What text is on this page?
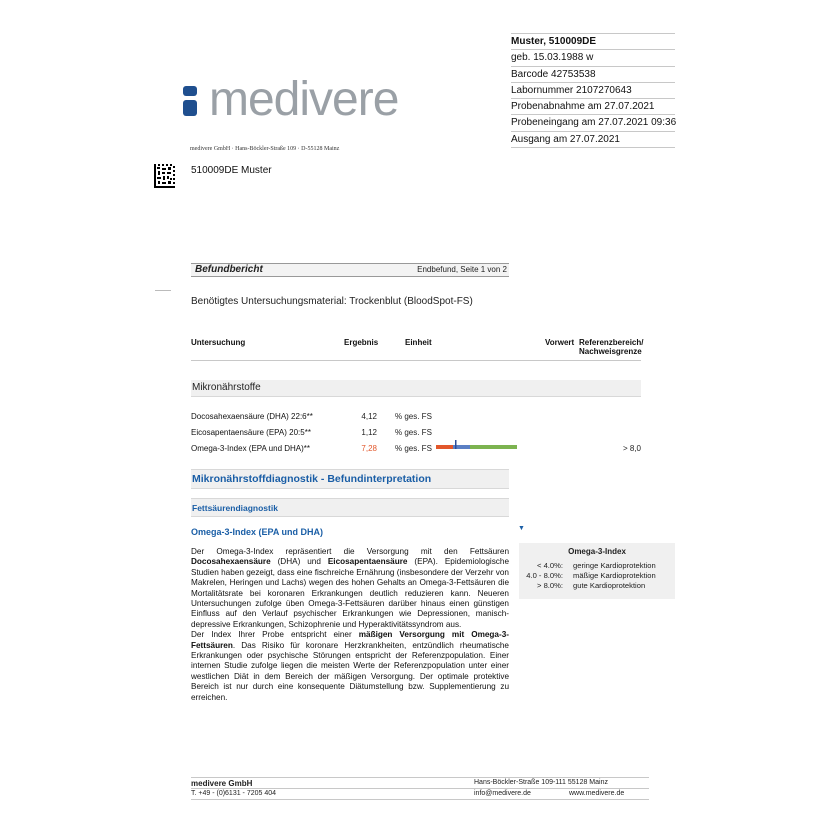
Muster, 510009DE
geb. 15.03.1988 w
Barcode 42753538
Labornummer 2107270643
Probenabnahme am 27.07.2021
Probeneingang am 27.07.2021 09:36
Ausgang am 27.07.2021
medivere
medivere GmbH · Hans-Böckler-Straße 109 · D-55128 Mainz
510009DE Muster
Befundbericht	Endbefund, Seite 1 von 2
Benötigtes Untersuchungsmaterial: Trockenblut (BloodSpot-FS)
Untersuchung	Ergebnis	Einheit	Vorwert Referenzbereich/
Nachweisgrenze
Mikronährstoffe
Docosahexaensäure (DHA) 22:6**	4,12 % ges. FS
Eicosapentaensäure (EPA) 20:5**	1,12 % ges. FS
Omega-3-Index (EPA und DHA)**	7,28 % ges. FS	> 8,0
Mikronährstoffdiagnostik - Befundinterpretation
Fettsäurendiagnostik
Omega-3-Index (EPA und DHA)	▼

Der Omega-3-Index repräsentiert die Versorgung mit den Fettsäuren Docosahexaensäure (DHA) und Eicosapentaensäure (EPA). Epidemiologische Studien haben gezeigt, dass eine fischreiche Ernährung (insbesondere der Verzehr von Makrelen, Heringen und Lachs) wegen des hohen Gehalts an Omega-3-Fettsäuren die Mortalitätsrate bei koronaren Erkrankungen deutlich reduzieren kann. Neueren Untersuchungen zufolge üben Omega-3-Fettsäuren darüber hinaus einen günstigen Einfluss auf den Verlauf psychischer Erkrankungen wie Depressionen, manisch-depressive Erkrankungen, Schizophrenie und Hyperaktivitätssyndrom aus.

Der Index Ihrer Probe entspricht einer mäßigen Versorgung mit Omega-3-Fettsäuren. Das Risiko für koronare Herzkrankheiten, entzündlich rheumatische Erkrankungen oder psychische Störungen entspricht der Referenzpopulation. Einer internen Studie zufolge liegen die meisten Werte der Referenzpopulation unter einer westlichen Diät in dem Bereich der mäßigen Versorgung. Der optimale protektive Bereich ist nur durch eine konsequente Diätumstellung bzw. Supplementierung zu erreichen.

Omega-3-Index
< 4.0%: geringe Kardioprotektion
4.0 - 8.0%: mäßige Kardioprotektion
> 8.0%: gute Kardioprotektion
medivere GmbH	Hans-Böckler-Straße 109-111 55128 Mainz
T. +49 - (0)6131 - 7205 404	info@medivere.de	www.medivere.de
